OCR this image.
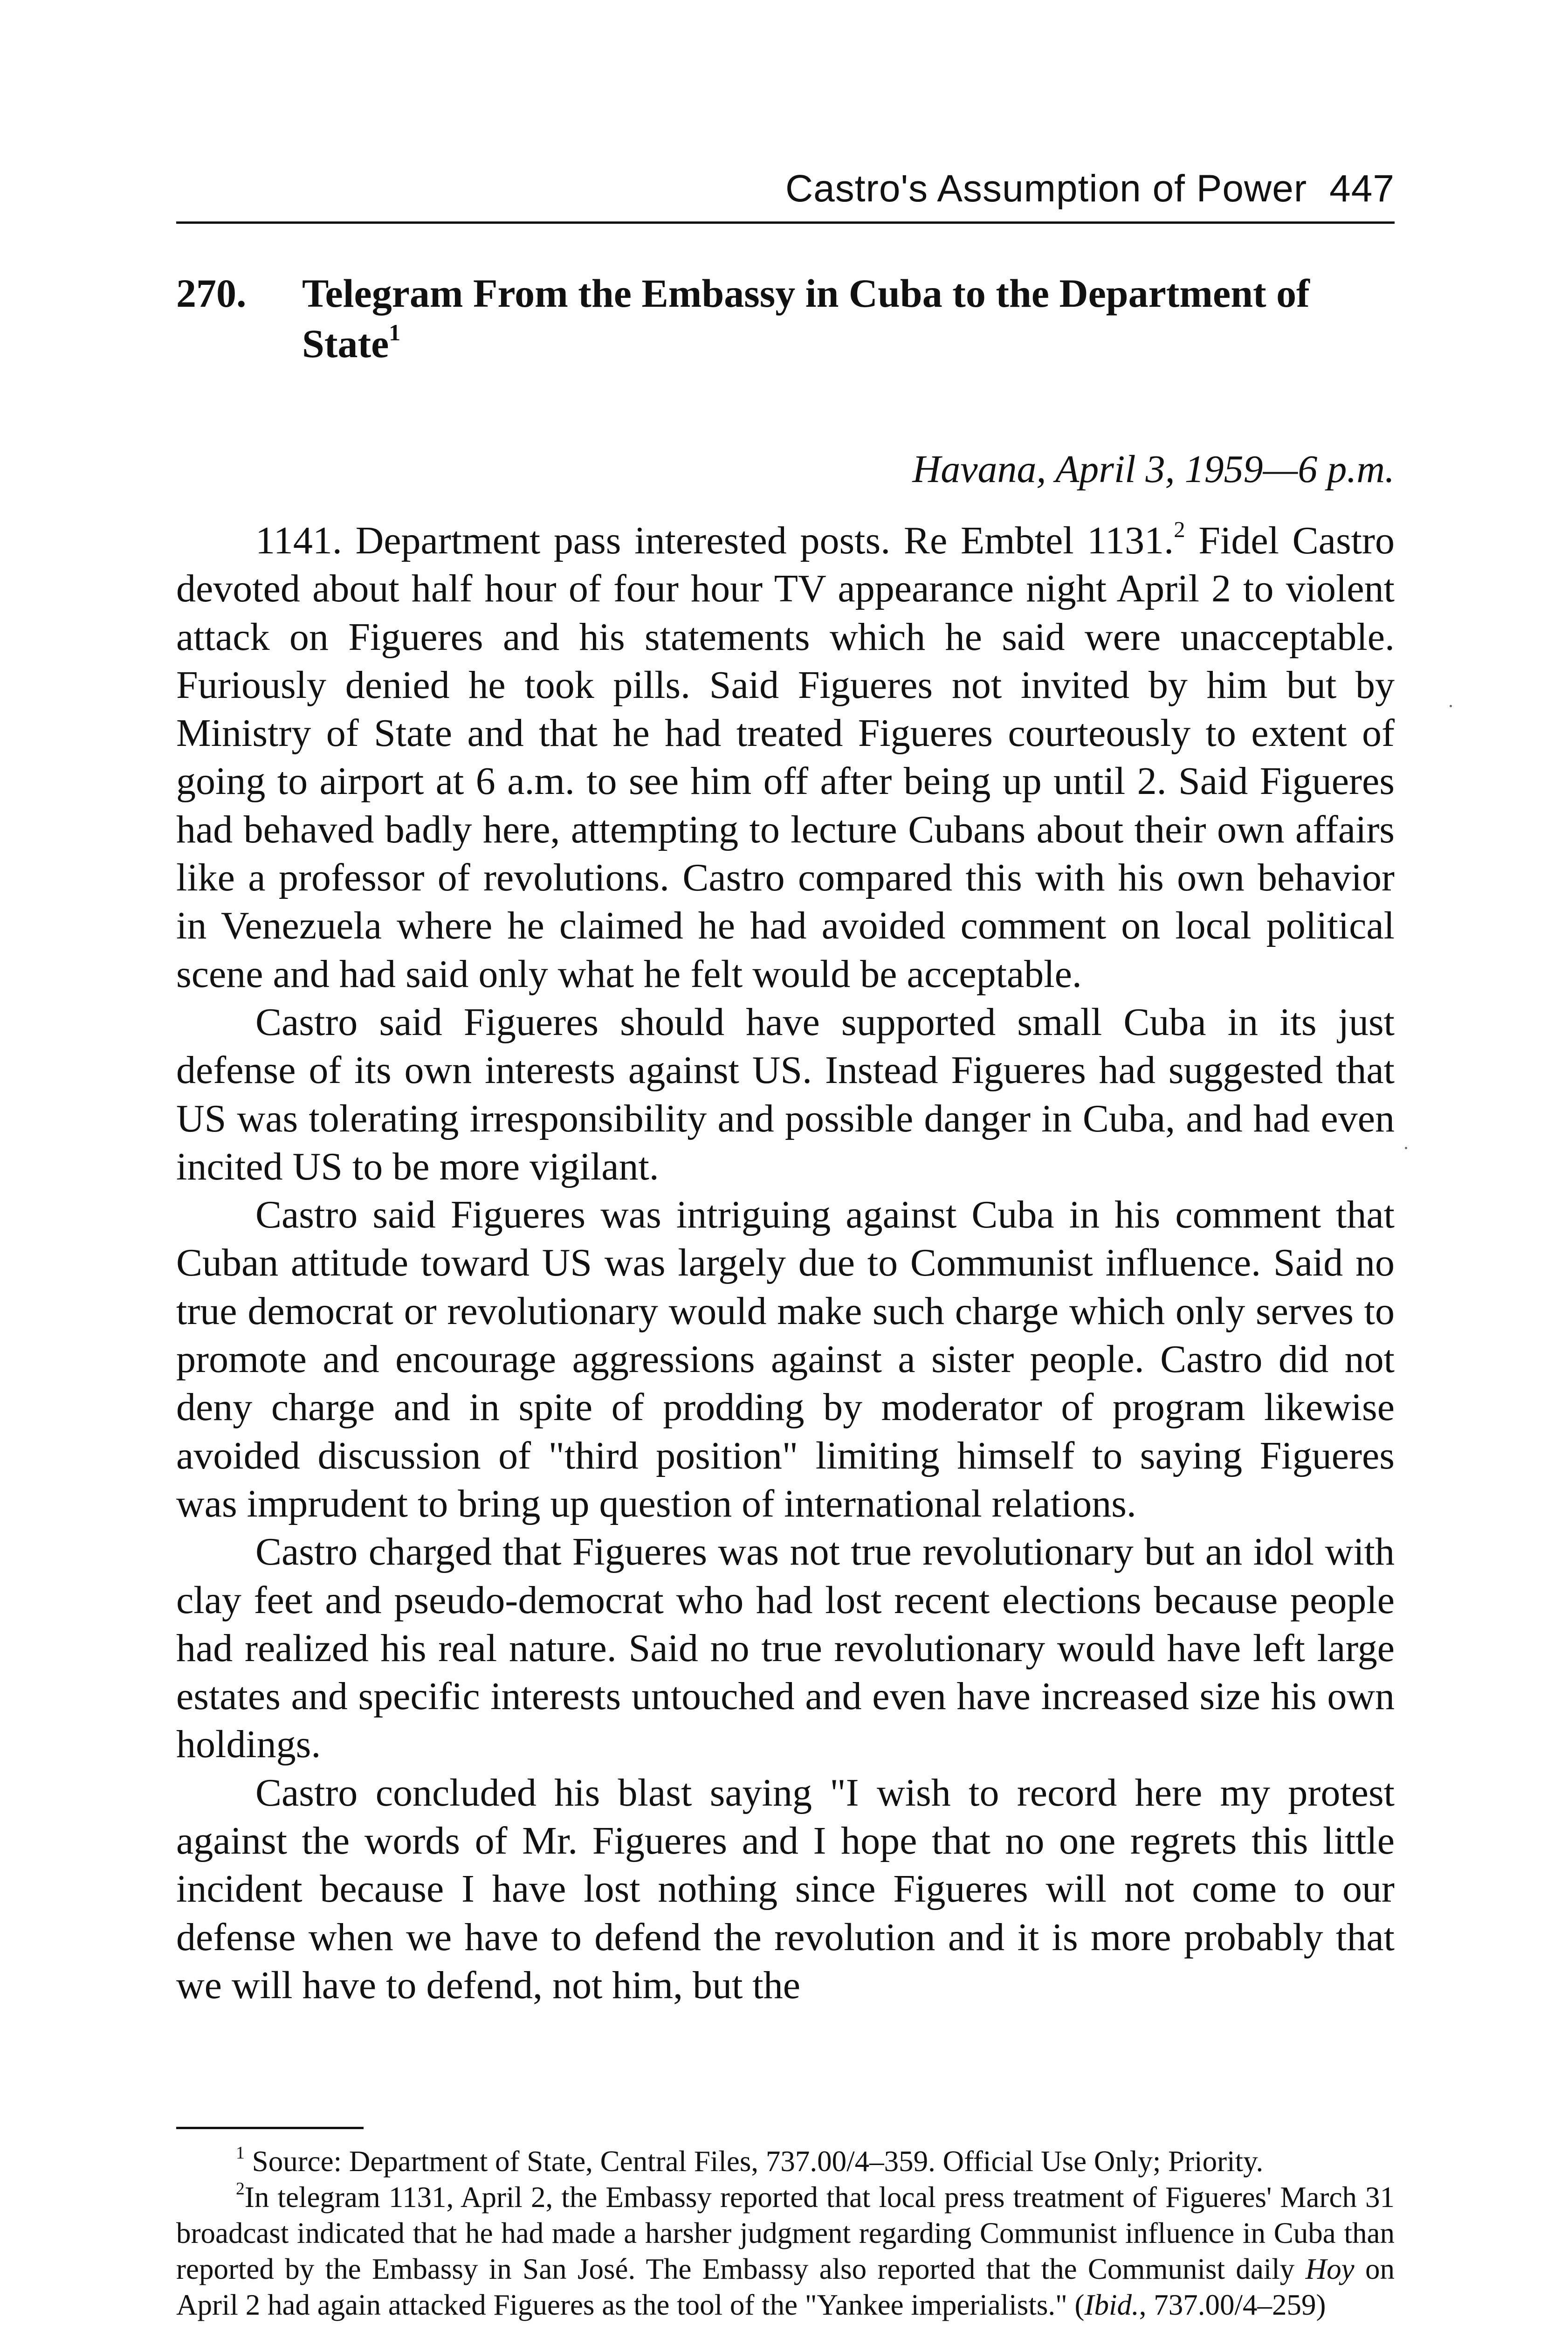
Castro's Assumption of Power 447
270. Telegram From the Embassy in Cuba to the Department of State$^1$
Havana, April 3, 1959—6 p.m.

1141. Department pass interested posts. Re Embtel 1131.$^2$ Fidel Castro devoted about half hour of four hour TV appearance night April 2 to violent attack on Figueres and his statements which he said were unacceptable. Furiously denied he took pills. Said Figueres not invited by him but by Ministry of State and that he had treated Figueres courteously to extent of going to airport at 6 a.m. to see him off after being up until 2. Said Figueres had behaved badly here, attempting to lecture Cubans about their own affairs like a professor of revolutions. Castro compared this with his own behavior in Venezuela where he claimed he had avoided comment on local political scene and had said only what he felt would be acceptable.

Castro said Figueres should have supported small Cuba in its just defense of its own interests against US. Instead Figueres had suggested that US was tolerating irresponsibility and possible danger in Cuba, and had even incited US to be more vigilant.

Castro said Figueres was intriguing against Cuba in his comment that Cuban attitude toward US was largely due to Communist influence. Said no true democrat or revolutionary would make such charge which only serves to promote and encourage aggressions against a sister people. Castro did not deny charge and in spite of prodding by moderator of program likewise avoided discussion of "third position" limiting himself to saying Figueres was imprudent to bring up question of international relations.

Castro charged that Figueres was not true revolutionary but an idol with clay feet and pseudo-democrat who had lost recent elections because people had realized his real nature. Said no true revolutionary would have left large estates and specific interests untouched and even have increased size his own holdings.

Castro concluded his blast saying "I wish to record here my protest against the words of Mr. Figueres and I hope that no one regrets this little incident because I have lost nothing since Figueres will not come to our defense when we have to defend the revolution and it is more probably that we will have to defend, not him, but the

$^1$ Source: Department of State, Central Files, 737.00/4–359. Official Use Only; Priority.

$^2$In telegram 1131, April 2, the Embassy reported that local press treatment of Figueres' March 31 broadcast indicated that he had made a harsher judgment regarding Communist influence in Cuba than reported by the Embassy in San José. The Embassy also reported that the Communist daily Hoy on April 2 had again attacked Figueres as the tool of the "Yankee imperialists." (Ibid., 737.00/4–259)
